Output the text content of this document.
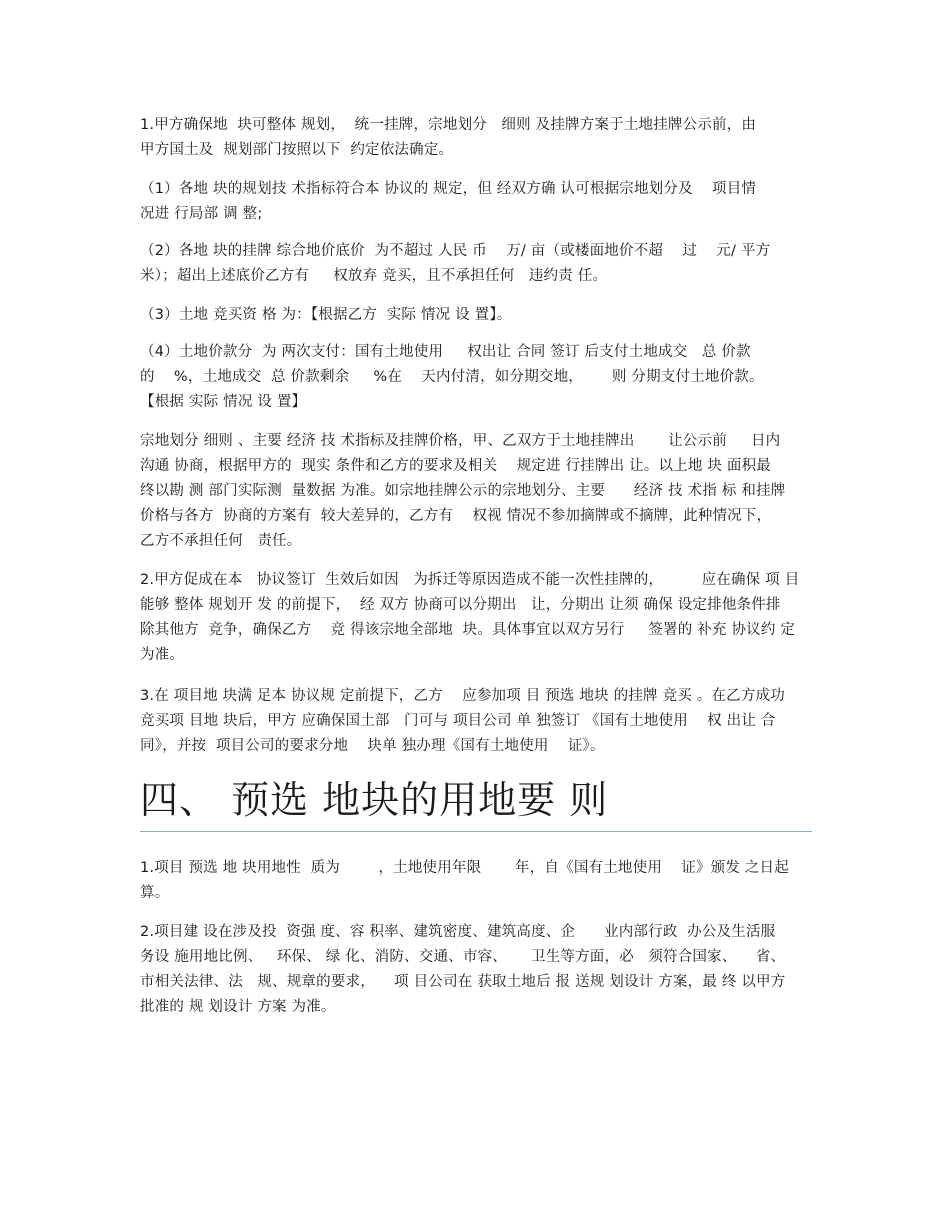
1.甲方确保地  块可整体 规划，  统一挂牌，宗地划分   细则 及挂牌方案于土地挂牌公示前，由
甲方国土及  规划部门按照以下  约定依法确定。

（1）各地 块的规划技 术指标符合本 协议的 规定，但 经双方确 认可根据宗地划分及    项目情
况进 行局部 调 整;

（2）各地 块的挂牌 综合地价底价  为不超过 人民 币    万/ 亩（或楼面地价不超    过    元/ 平方
米）；超出上述底价乙方有     权放弃 竞买，且不承担任何   违约责 任。

（3）土地 竞买资 格 为：【根据乙方  实际 情况 设 置】。

（4）土地价款分  为 两次支付：国有土地使用     权出让 合同 签订 后支付土地成交   总 价款
的    %，土地成交  总 价款剩余     %在    天内付清，如分期交地，      则 分期支付土地价款。
【根据 实际 情况 设 置】

宗地划分 细则 、主要 经济 技 术指标及挂牌价格，甲、乙双方于土地挂牌出       让公示前     日内
沟通 协商，根据甲方的  现实 条件和乙方的要求及相关    规定进 行挂牌出 让。以上地 块 面积最
终以勘 测 部门实际测  量数据 为准。如宗地挂牌公示的宗地划分、主要      经济 技 术指 标 和挂牌
价格与各方  协商的方案有  较大差异的，乙方有    权视 情况不参加摘牌或不摘牌，此种情况下，
乙方不承担任何   责任。

2.甲方促成在本   协议签订  生效后如因   为拆迁等原因造成不能一次性挂牌的，        应在确保 项 目
能够 整体 规划开 发 的前提下，  经 双方 协商可以分期出   让，分期出 让须 确保 设定排他条件排
除其他方  竞争，确保乙方    竞 得该宗地全部地  块。具体事宜以双方另行     签署的 补充 协议约 定
为准。

3.在 项目地 块满 足本 协议规 定前提下，乙方    应参加项 目 预选 地块 的挂牌 竞买 。在乙方成功
竞买项 目地 块后，甲方 应确保国土部   门可与 项目公司 单 独签订 《国有土地使用    权 出让 合
同》，并按  项目公司的要求分地    块单 独办理《国有土地使用    证》。

四、 预选 地块的用地要 则

1.项目 预选 地 块用地性  质为        ，土地使用年限       年，自《国有土地使用    证》颁发 之日起
算。

2.项目建 设在涉及投  资强 度、容 积率、建筑密度、建筑高度、企      业内部行政  办公及生活服
务设 施用地比例、   环保、 绿 化、消防、交通、市容、     卫生等方面，必   须符合国家、    省、
市相关法律、法   规、规章的要求，    项 目公司在 获取土地后 报 送规 划设计 方案，最 终 以甲方
批准的 规 划设计 方案 为准。
